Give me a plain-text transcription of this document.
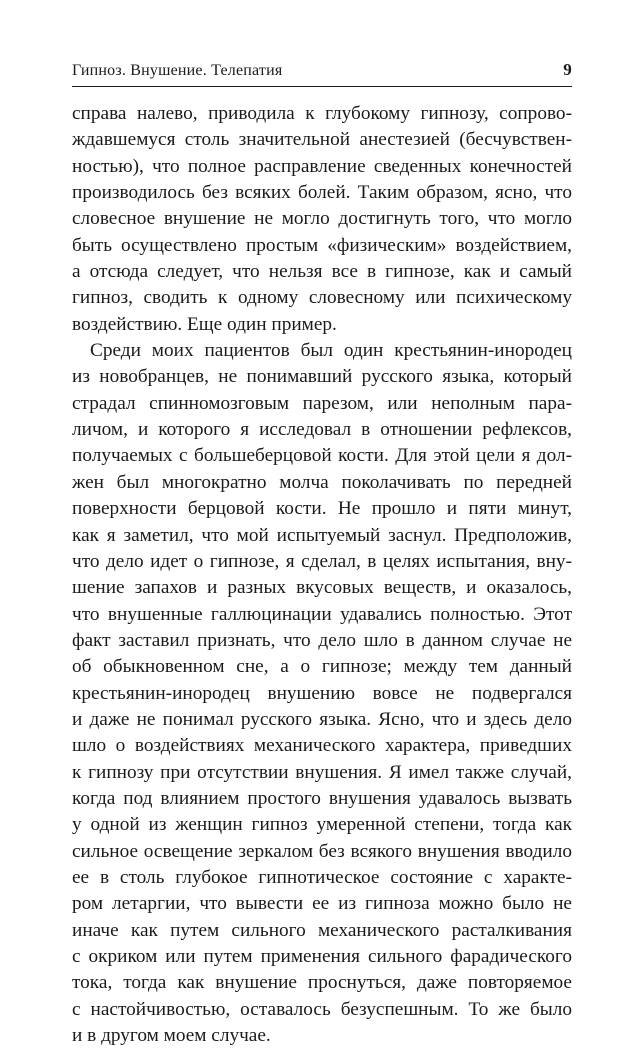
Гипноз. Внушение. Телепатия	9
справа налево, приводила к глубокому гипнозу, сопрово-
ждавшемуся столь значительной анестезией (бесчувствен-
ностью), что полное расправление сведенных конечностей
производилось без всяких болей. Таким образом, ясно, что
словесное внушение не могло достигнуть того, что могло
быть осуществлено простым «физическим» воздействием,
а отсюда следует, что нельзя все в гипнозе, как и самый
гипноз, сводить к одному словесному или психическому
воздействию. Еще один пример.
Среди моих пациентов был один крестьянин-инородец
из новобранцев, не понимавший русского языка, который
страдал спинномозговым парезом, или неполным пара-
личом, и которого я исследовал в отношении рефлексов,
получаемых с большеберцовой кости. Для этой цели я дол-
жен был многократно молча поколачивать по передней
поверхности берцовой кости. Не прошло и пяти минут,
как я заметил, что мой испытуемый заснул. Предположив,
что дело идет о гипнозе, я сделал, в целях испытания, вну-
шение запахов и разных вкусовых веществ, и оказалось,
что внушенные галлюцинации удавались полностью. Этот
факт заставил признать, что дело шло в данном случае не
об обыкновенном сне, а о гипнозе; между тем данный
крестьянин-инородец внушению вовсе не подвергался
и даже не понимал русского языка. Ясно, что и здесь дело
шло о воздействиях механического характера, приведших
к гипнозу при отсутствии внушения. Я имел также случай,
когда под влиянием простого внушения удавалось вызвать
у одной из женщин гипноз умеренной степени, тогда как
сильное освещение зеркалом без всякого внушения вводило
ее в столь глубокое гипнотическое состояние с характе-
ром летаргии, что вывести ее из гипноза можно было не
иначе как путем сильного механического расталкивания
с окриком или путем применения сильного фарадического
тока, тогда как внушение проснуться, даже повторяемое
с настойчивостью, оставалось безуспешным. То же было
и в другом моем случае.
